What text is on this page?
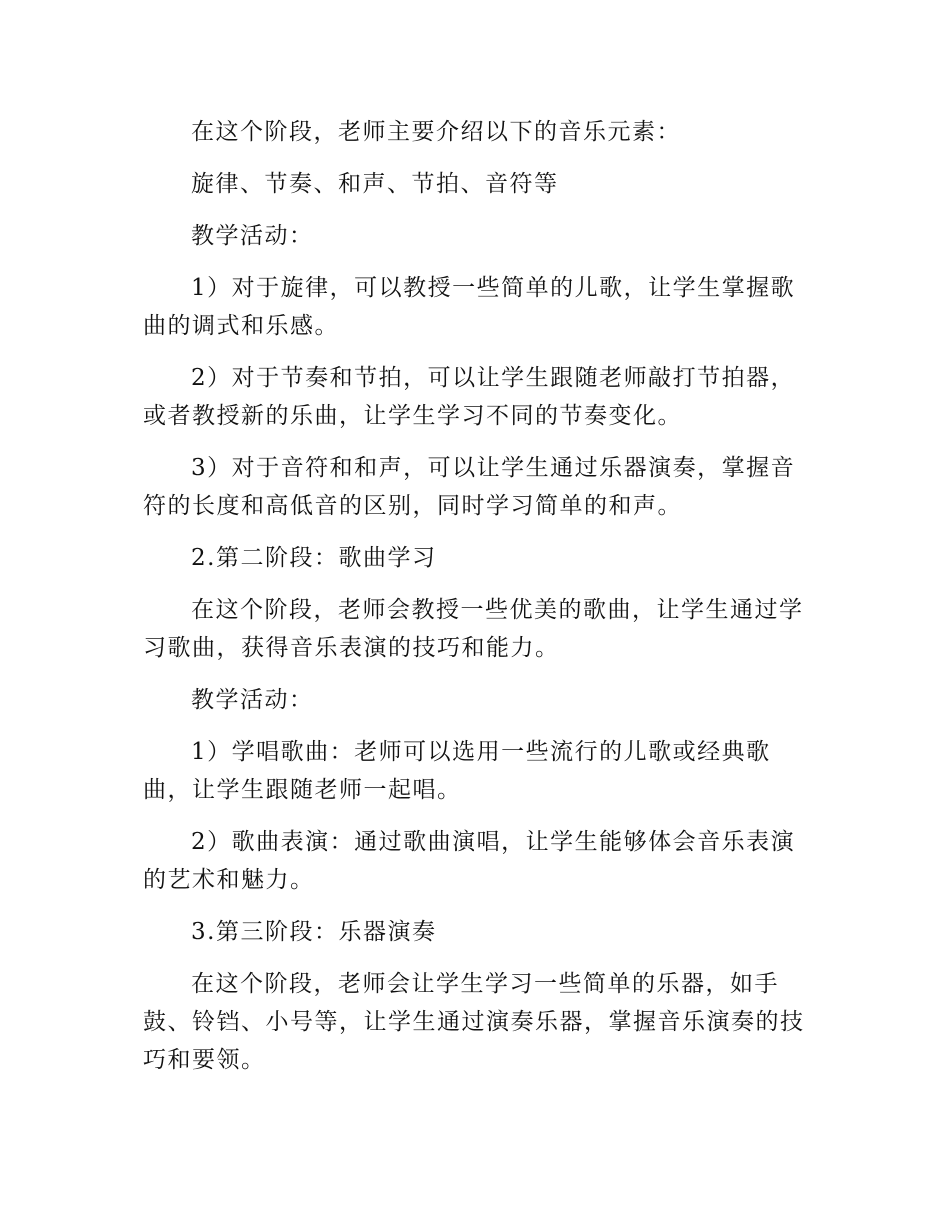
在这个阶段，老师主要介绍以下的音乐元素：

旋律、节奏、和声、节拍、音符等

教学活动：

1）对于旋律，可以教授一些简单的儿歌，让学生掌握歌曲的调式和乐感。

2）对于节奏和节拍，可以让学生跟随老师敲打节拍器，或者教授新的乐曲，让学生学习不同的节奏变化。

3）对于音符和和声，可以让学生通过乐器演奏，掌握音符的长度和高低音的区别，同时学习简单的和声。

2.第二阶段：歌曲学习

在这个阶段，老师会教授一些优美的歌曲，让学生通过学习歌曲，获得音乐表演的技巧和能力。

教学活动：

1）学唱歌曲：老师可以选用一些流行的儿歌或经典歌曲，让学生跟随老师一起唱。

2）歌曲表演：通过歌曲演唱，让学生能够体会音乐表演的艺术和魅力。

3.第三阶段：乐器演奏

在这个阶段，老师会让学生学习一些简单的乐器，如手鼓、铃铛、小号等，让学生通过演奏乐器，掌握音乐演奏的技巧和要领。
